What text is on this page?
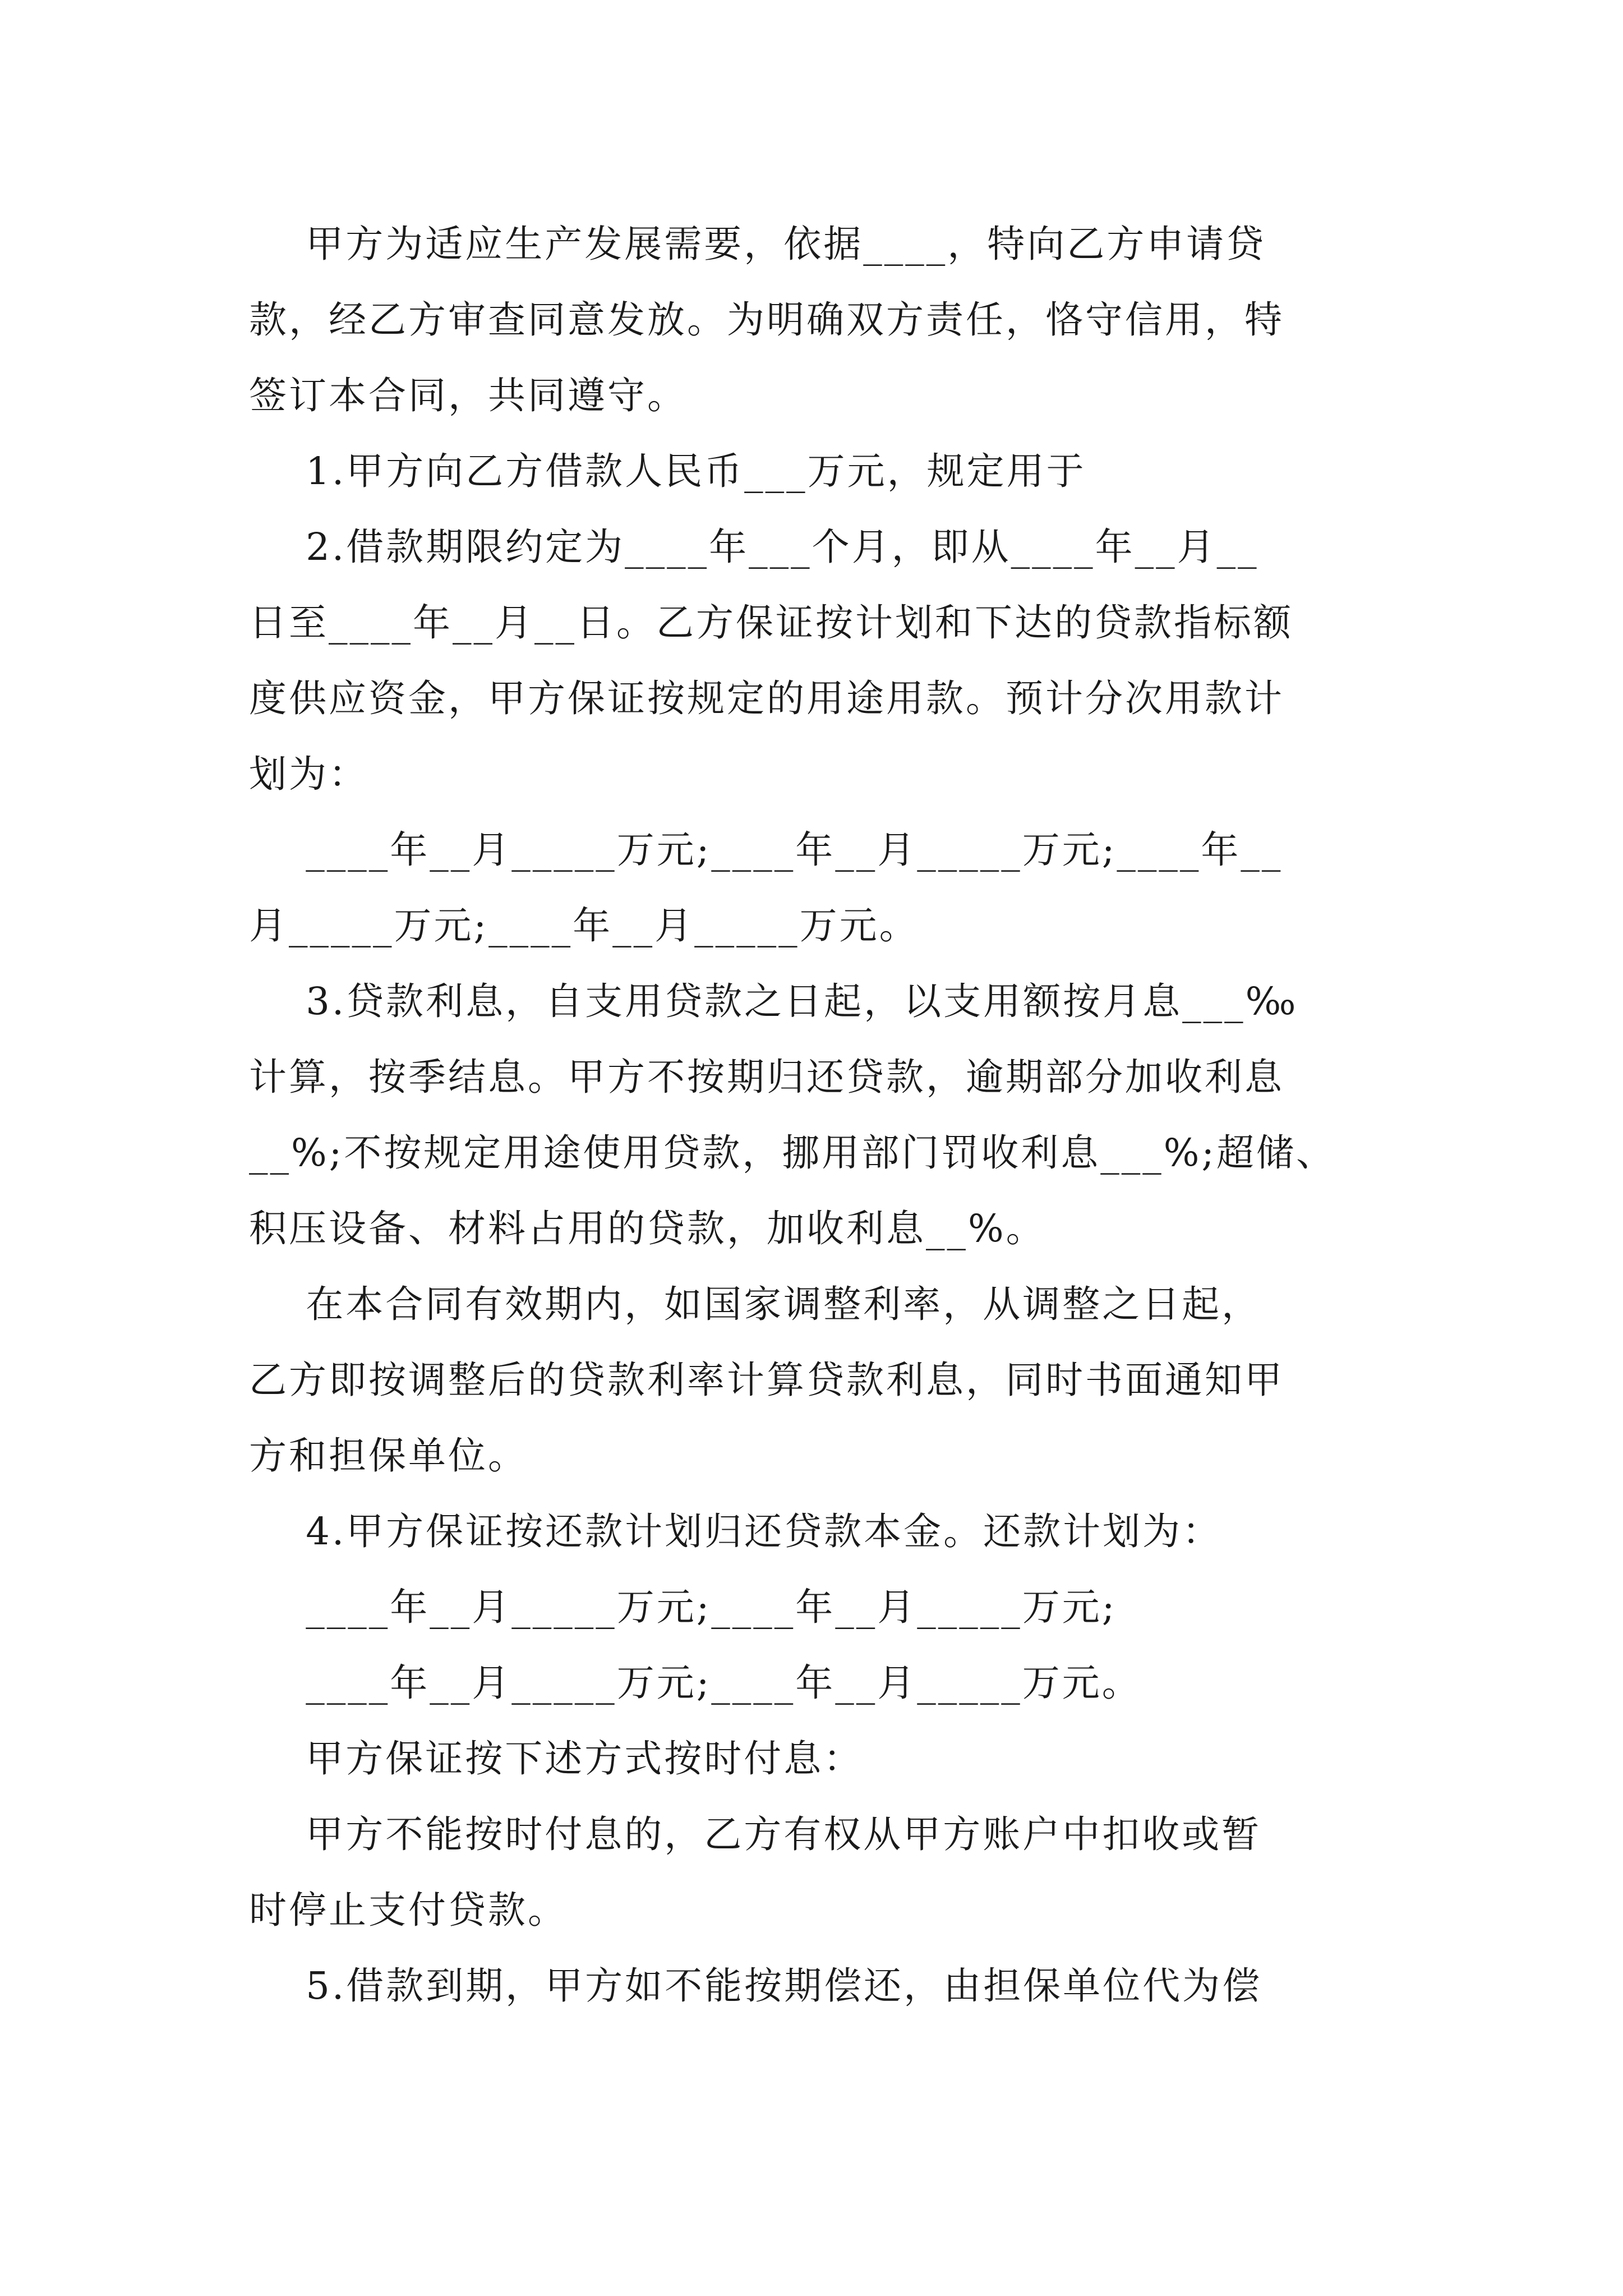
甲方为适应生产发展需要，依据____，特向乙方申请贷
款，经乙方审查同意发放。为明确双方责任，恪守信用，特
签订本合同，共同遵守。
1.甲方向乙方借款人民币___万元，规定用于
2.借款期限约定为____年___个月，即从____年__月__
日至____年__月__日。乙方保证按计划和下达的贷款指标额
度供应资金，甲方保证按规定的用途用款。预计分次用款计
划为：
____年__月_____万元;____年__月_____万元;____年__
月_____万元;____年__月_____万元。
3.贷款利息，自支用贷款之日起，以支用额按月息___‰
计算，按季结息。甲方不按期归还贷款，逾期部分加收利息
__%;不按规定用途使用贷款，挪用部门罚收利息___%;超储、
积压设备、材料占用的贷款，加收利息__%。
在本合同有效期内，如国家调整利率，从调整之日起，
乙方即按调整后的贷款利率计算贷款利息，同时书面通知甲
方和担保单位。
4.甲方保证按还款计划归还贷款本金。还款计划为：
____年__月_____万元;____年__月_____万元;
____年__月_____万元;____年__月_____万元。
甲方保证按下述方式按时付息：
甲方不能按时付息的，乙方有权从甲方账户中扣收或暂
时停止支付贷款。
5.借款到期，甲方如不能按期偿还，由担保单位代为偿
